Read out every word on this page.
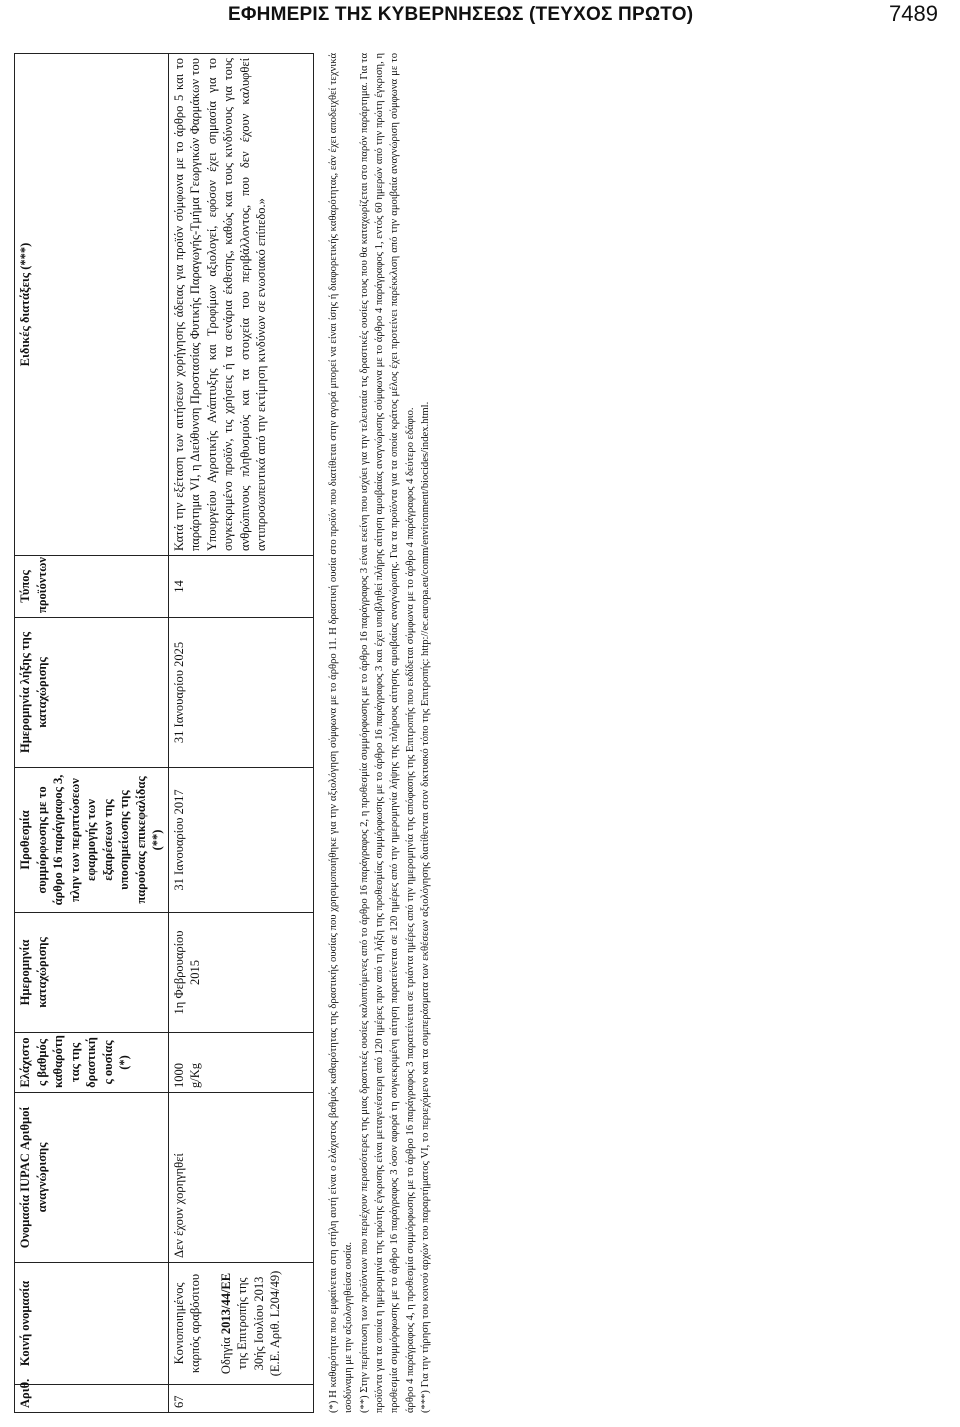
ΕΦΗΜΕΡΙΣ ΤΗΣ ΚΥΒΕΡΝΗΣΕΩΣ (ΤΕΥΧΟΣ ΠΡΩΤΟ)	7489
Αριθ.	Κοινή ονομασία	Ονομασία IUPAC Αριθμοί αναγνώρισης	Ελάχιστο ς βαθμός καθαρότη τας της δραστική ς ουσίας (*)	Ημερομηνία καταχώρισης	Προθεσμία συμμόρφωσης με το άρθρο 16 παράγραφος 3, πλην των περιπτώσεων εφαρμογής των εξαιρέσεων της υποσημείωσης της παρούσας επικεφαλίδας (**)	Ημερομηνία λήξης της καταχώρισης	Τύπος προϊόντων	Ειδικές διατάξεις (***)
67	Κονιοποιημένος καρπός αραβόσιτου Οδηγία 2013/44/ΕΕ της Επιτροπής της 30ής Ιουλίου 2013 (Ε.Ε. Αριθ. L204/49)	Δεν έχουν χορηγηθεί	1000 g/Kg	1η Φεβρουαρίου 2015	31 Ιανουαρίου 2017	31 Ιανουαρίου 2025	14	Κατά την εξέταση των αιτήσεων χορήγησης άδειας για προϊόν σύμφωνα με το άρθρο 5 και το παράρτημα VI, η Διεύθυνση Προστασίας Φυτικής Παραγωγής-Τμήμα Γεωργικών Φαρμάκων του Υπουργείου Αγροτικής Ανάπτυξης και Τροφίμων αξιολογεί, εφόσον έχει σημασία για το συγκεκριμένο προϊόν, τις χρήσεις ή τα σενάρια έκθεσης, καθώς και τους κινδύνους για τους ανθρώπινους πληθυσμούς και τα στοιχεία του περιβάλλοντος, που δεν έχουν καλυφθεί αντιπροσωπευτικά από την εκτίμηση κινδύνων σε ενωσιακό επίπεδο.»	(*) Η καθαρότητα που εμφαίνεται στη στήλη αυτή είναι ο ελάχιστος βαθμός καθαρότητας της δραστικής ουσίας που χρησιμοποιήθηκε για την αξιολόγηση σύμφωνα με το άρθρο 11. Η δραστική ουσία στο προϊόν που διατίθεται στην αγορά μπορεί να είναι ίσης ή διαφορετικής καθαρότητας, εάν έχει αποδειχθεί τεχνικά ισοδύναμη με την αξιολογηθείσα ουσία. (**) Στην περίπτωση των προϊόντων που περιέχουν περισσότερες της μιας δραστικές ουσίες καλυπτόμενες από το άρθρο 16 παράγραφος 2, η προθεσμία συμμόρφωσης με το άρθρο 16 παράγραφος 3 είναι εκείνη που ισχύει για την τελευταία τις δραστικές ουσίες τους που θα καταχωρίζεται στο παρόν παράρτημα. Για τα προϊόντα για τα οποία η ημερομηνία της πρώτης έγκρισης είναι μεταγενέστερη από 120 ημέρες πριν από τη λήξη της προθεσμίας συμμόρφωσης με το άρθρο 16 παράγραφος 3 και έχει υποβληθεί πλήρης αίτηση αμοιβαίας αναγνώρισης σύμφωνα με το άρθρο 4 παράγραφος 1, εντός 60 ημερών από την πρώτη έγκριση, η προθεσμία συμμόρφωσης με το άρθρο 16 παράγραφος 3 όσον αφορά τη συγκεκριμένη αίτηση παρατείνεται σε 120 ημέρες από την ημερομηνία λήψης της πλήρους αίτησης αμοιβαίας αναγνώρισης. Για τα προϊόντα για τα οποία κράτος μέλος έχει προτείνει παρέκκλιση από την αμοιβαία αναγνώριση σύμφωνα με το άρθρο 4 παράγραφος 4, η προθεσμία συμμόρφωσης με το άρθρο 16 παράγραφος 3 παρατείνεται σε τριάντα ημέρες από την ημερομηνία της απόφασης της Επιτροπής που εκδίδεται σύμφωνα με το άρθρο 4 παράγραφος 4 δεύτερο εδάφιο. (***) Για την τήρηση του κοινού αρχών του παραρτήματος VI, το περιεχόμενο και τα συμπεράσματα των εκθέσεων αξιολόγησης διατίθενται στον δικτυακό τόπο της Επιτροπής: http://ec.europa.eu/comm/environment/biocides/index.html.
